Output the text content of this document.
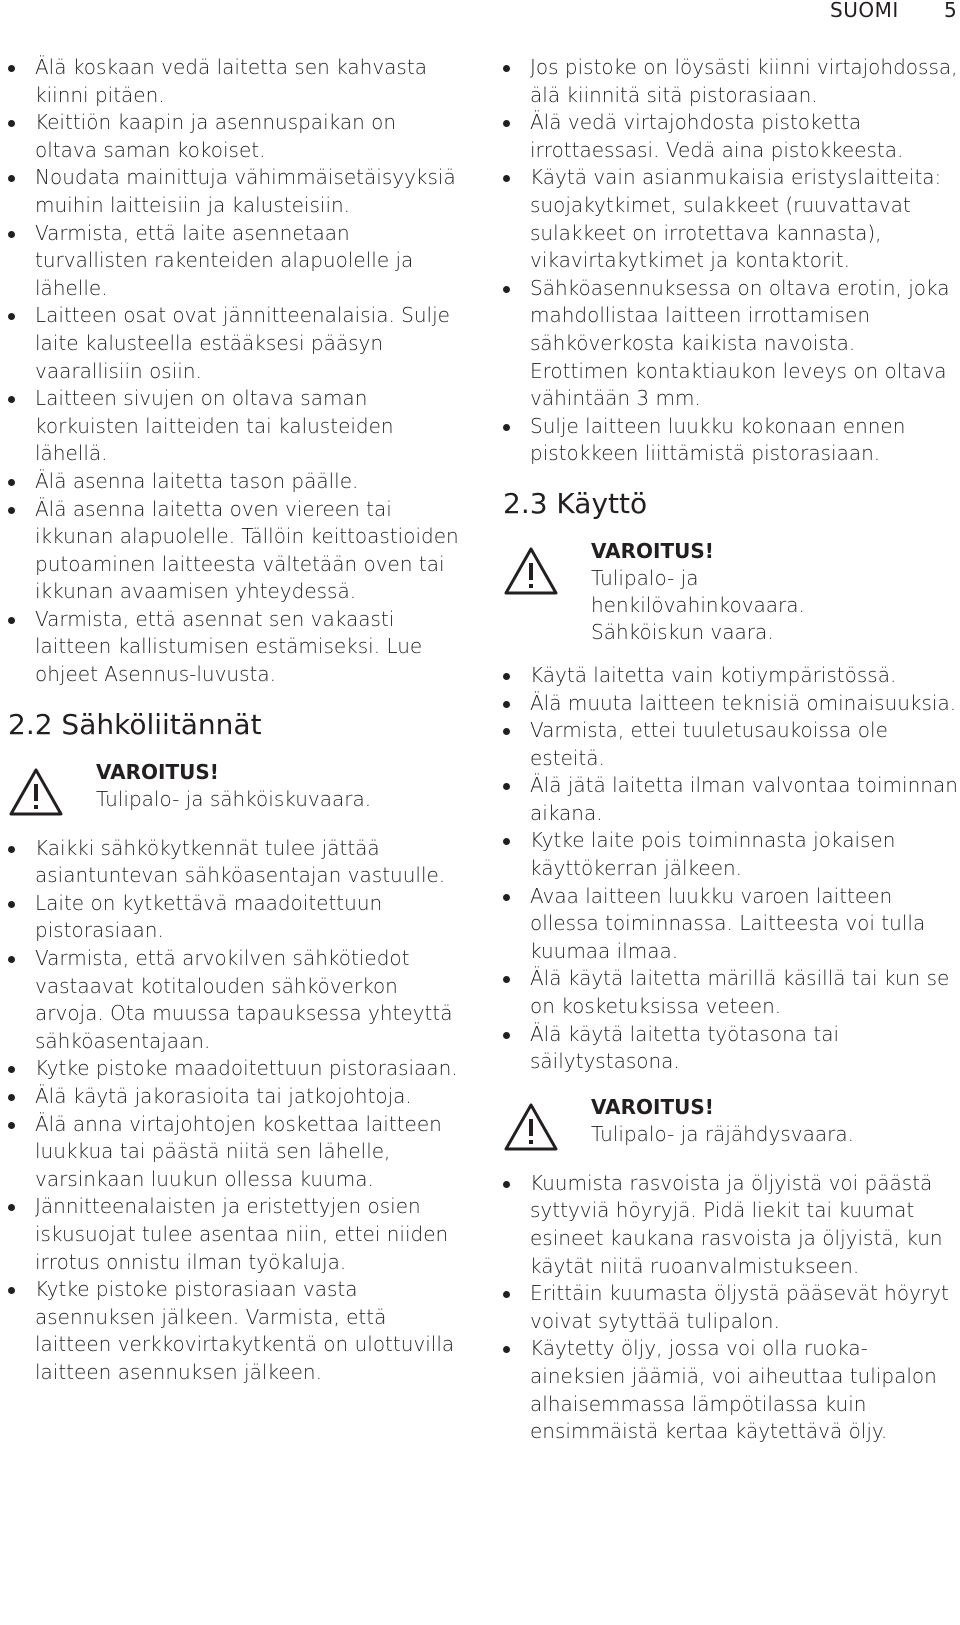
SUOMI 5
Älä koskaan vedä laitetta sen kahvasta kiinni pitäen.
Keittiön kaapin ja asennuspaikan on oltava saman kokoiset.
Noudata mainittuja vähimmäisetäisyyksiä muihin laitteisiin ja kalusteisiin.
Varmista, että laite asennetaan turvallisten rakenteiden alapuolelle ja lähelle.
Laitteen osat ovat jännitteenalaisia. Sulje laite kalusteella estääksesi pääsyn vaarallisiin osiin.
Laitteen sivujen on oltava saman korkuisten laitteiden tai kalusteiden lähellä.
Älä asenna laitetta tason päälle.
Älä asenna laitetta oven viereen tai ikkunan alapuolelle. Tällöin keittoastioiden putoaminen laitteesta vältetään oven tai ikkunan avaamisen yhteydessä.
Varmista, että asennat sen vakaasti laitteen kallistumisen estämiseksi. Lue ohjeet Asennus-luvusta.
2.2 Sähköliitännät
VAROITUS!
Tulipalo- ja sähköiskuvaara.
Kaikki sähkökytkennät tulee jättää asiantuntevan sähköasentajan vastuulle.
Laite on kytkettävä maadoitettuun pistorasiaan.
Varmista, että arvokilven sähkötiedot vastaavat kotitalouden sähköverkon arvoja. Ota muussa tapauksessa yhteyttä sähköasentajaan.
Kytke pistoke maadoitettuun pistorasiaan.
Älä käytä jakorasioita tai jatkojohtoja.
Älä anna virtajohtojen koskettaa laitteen luukkua tai päästä niitä sen lähelle, varsinkaan luukun ollessa kuuma.
Jännitteenalaisten ja eristettyjen osien iskusuojat tulee asentaa niin, ettei niiden irrotus onnistu ilman työkaluja.
Kytke pistoke pistorasiaan vasta asennuksen jälkeen. Varmista, että laitteen verkkovirtakytkentä on ulottuvilla laitteen asennuksen jälkeen.
Jos pistoke on löysästi kiinni virtajohdossa, älä kiinnitä sitä pistorasiaan.
Älä vedä virtajohdosta pistoketta irrottaessasi. Vedä aina pistokkeesta.
Käytä vain asianmukaisia eristyslaitteita: suojakytkimet, sulakkeet (ruuvattavat sulakkeet on irrotettava kannasta), vikavirtakytkimet ja kontaktorit.
Sähköasennuksessa on oltava erotin, joka mahdollistaa laitteen irrottamisen sähköverkosta kaikista navoista. Erottimen kontaktiaukon leveys on oltava vähintään 3 mm.
Sulje laitteen luukku kokonaan ennen pistokkeen liittämistä pistorasiaan.
2.3 Käyttö
VAROITUS!
Tulipalo- ja
henkilövahinkovaara.
Sähköiskun vaara.
Käytä laitetta vain kotiympäristössä.
Älä muuta laitteen teknisiä ominaisuuksia.
Varmista, ettei tuuletusaukoissa ole esteitä.
Älä jätä laitetta ilman valvontaa toiminnan aikana.
Kytke laite pois toiminnasta jokaisen käyttökerran jälkeen.
Avaa laitteen luukku varoen laitteen ollessa toiminnassa. Laitteesta voi tulla kuumaa ilmaa.
Älä käytä laitetta märillä käsillä tai kun se on kosketuksissa veteen.
Älä käytä laitetta työtasona tai säilytystasona.
VAROITUS!
Tulipalo- ja räjähdysvaara.
Kuumista rasvoista ja öljyistä voi päästä syttyviä höyryjä. Pidä liekit tai kuumat esineet kaukana rasvoista ja öljyistä, kun käytät niitä ruoanvalmistukseen.
Erittäin kuumasta öljystä pääsevät höyryt voivat sytyttää tulipalon.
Käytetty öljy, jossa voi olla ruoka-aineksien jäämiä, voi aiheuttaa tulipalon alhaisemmassa lämpötilassa kuin ensimmäistä kertaa käytettävä öljy.
